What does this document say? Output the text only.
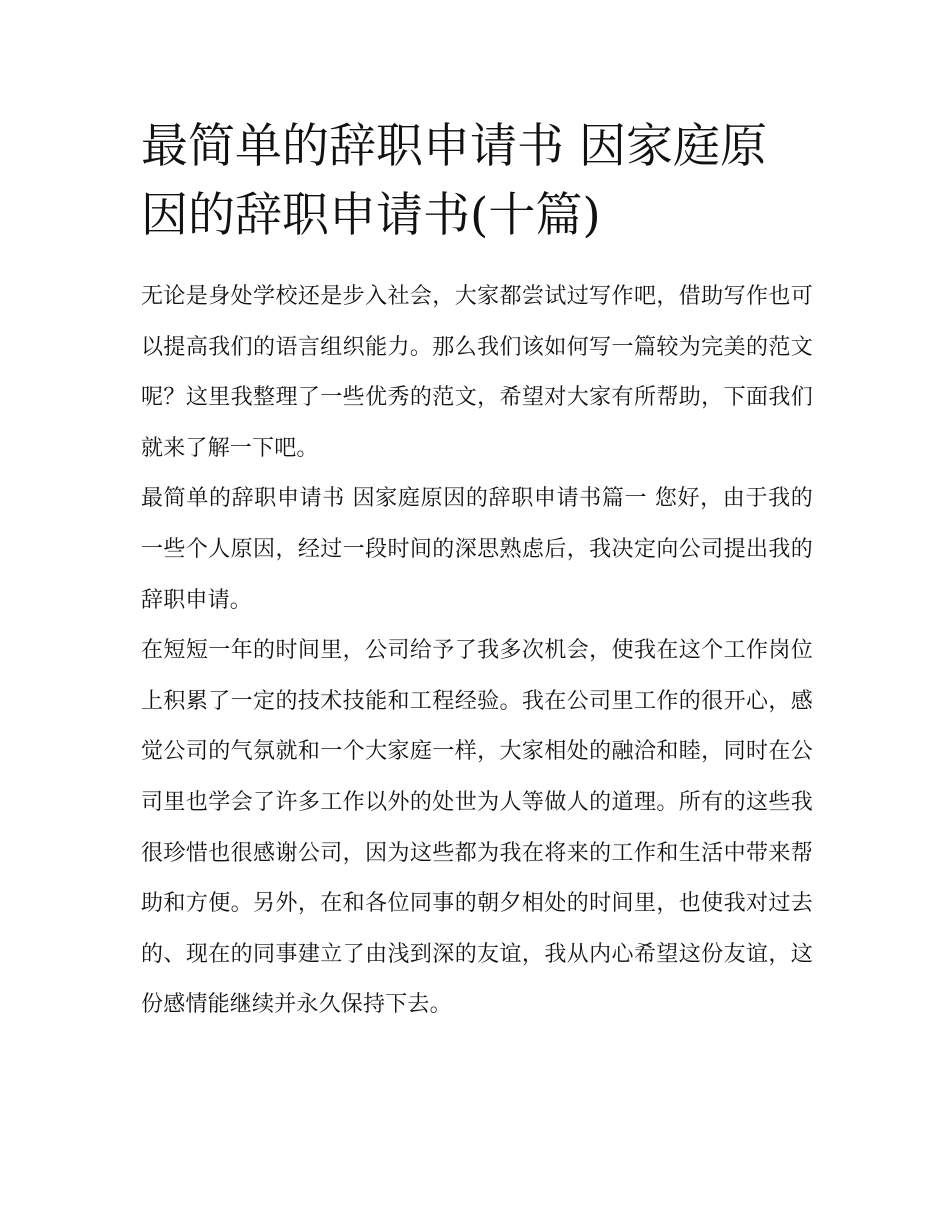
最简单的辞职申请书 因家庭原因的辞职申请书(十篇)

无论是身处学校还是步入社会，大家都尝试过写作吧，借助写作也可以提高我们的语言组织能力。那么我们该如何写一篇较为完美的范文呢？这里我整理了一些优秀的范文，希望对大家有所帮助，下面我们就来了解一下吧。

最简单的辞职申请书 因家庭原因的辞职申请书篇一 您好，由于我的一些个人原因，经过一段时间的深思熟虑后，我决定向公司提出我的辞职申请。

在短短一年的时间里，公司给予了我多次机会，使我在这个工作岗位上积累了一定的技术技能和工程经验。我在公司里工作的很开心，感觉公司的气氛就和一个大家庭一样，大家相处的融洽和睦，同时在公司里也学会了许多工作以外的处世为人等做人的道理。所有的这些我很珍惜也很感谢公司，因为这些都为我在将来的工作和生活中带来帮助和方便。另外，在和各位同事的朝夕相处的时间里，也使我对过去的、现在的同事建立了由浅到深的友谊，我从内心希望这份友谊，这份感情能继续并永久保持下去。
